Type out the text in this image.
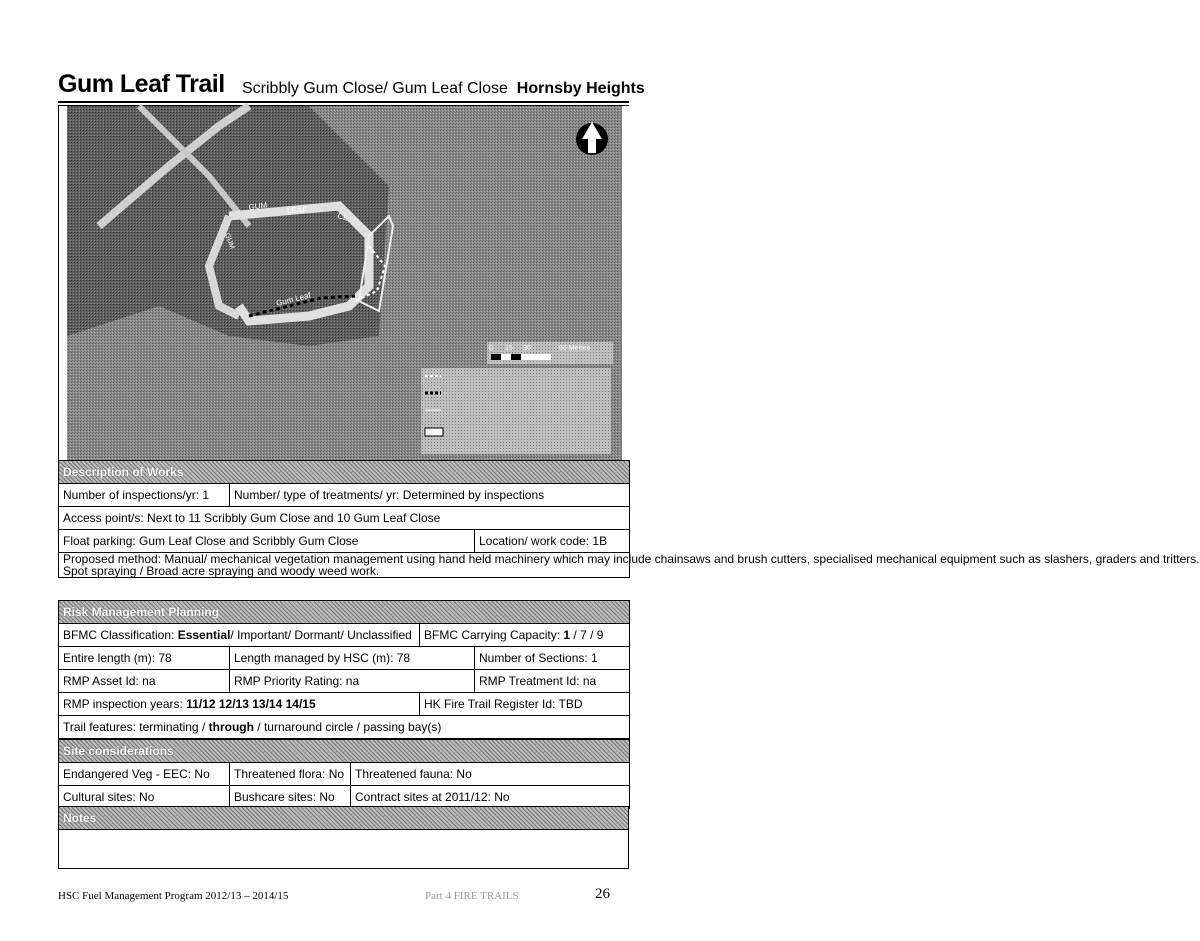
Gum Leaf Trail Scribbly Gum Close/ Gum Leaf Close Hornsby Heights
GUM LEAF
CL
GUM
Gum Leaf
0 15 30	60 Metres
Description of Works		
Number of inspections/yr: 1	Number/ type of treatments/ yr: Determined by inspections	
Access point/s: Next to 11 Scribbly Gum Close and 10 Gum Leaf Close		
Float parking: Gum Leaf Close and Scribbly Gum Close		Location/ work code: 1B

Proposed method: Manual/ mechanical vegetation management using hand held machinery which may include chainsaws and brush cutters, specialised mechanical equipment such as slashers, graders and tritters.
Spot spraying / Broad acre spraying and woody weed work.		
Risk Management Planning			
BFMC Classification: Essential/ Important/ Dormant/ Unclassified		BFMC Carrying Capacity: 1 / 7 / 9	
Entire length (m): 78	Length managed by HSC (m): 78		Number of Sections: 1
RMP Asset Id: na	RMP Priority Rating: na		RMP Treatment Id: na
RMP inspection years: 11/12 12/13 13/14 14/15		HK Fire Trail Register Id: TBD	
Trail features: terminating / through / turnaround circle / passing bay(s)			
Site considerations		
Endangered Veg - EEC: No	Threatened flora: No	Threatened fauna: No
Cultural sites: No	Bushcare sites: No	Contract sites at 2011/12: No
Notes

HSC Fuel Management Program 2012/13 – 2014/15	Part 4 FIRE TRAILS	26
